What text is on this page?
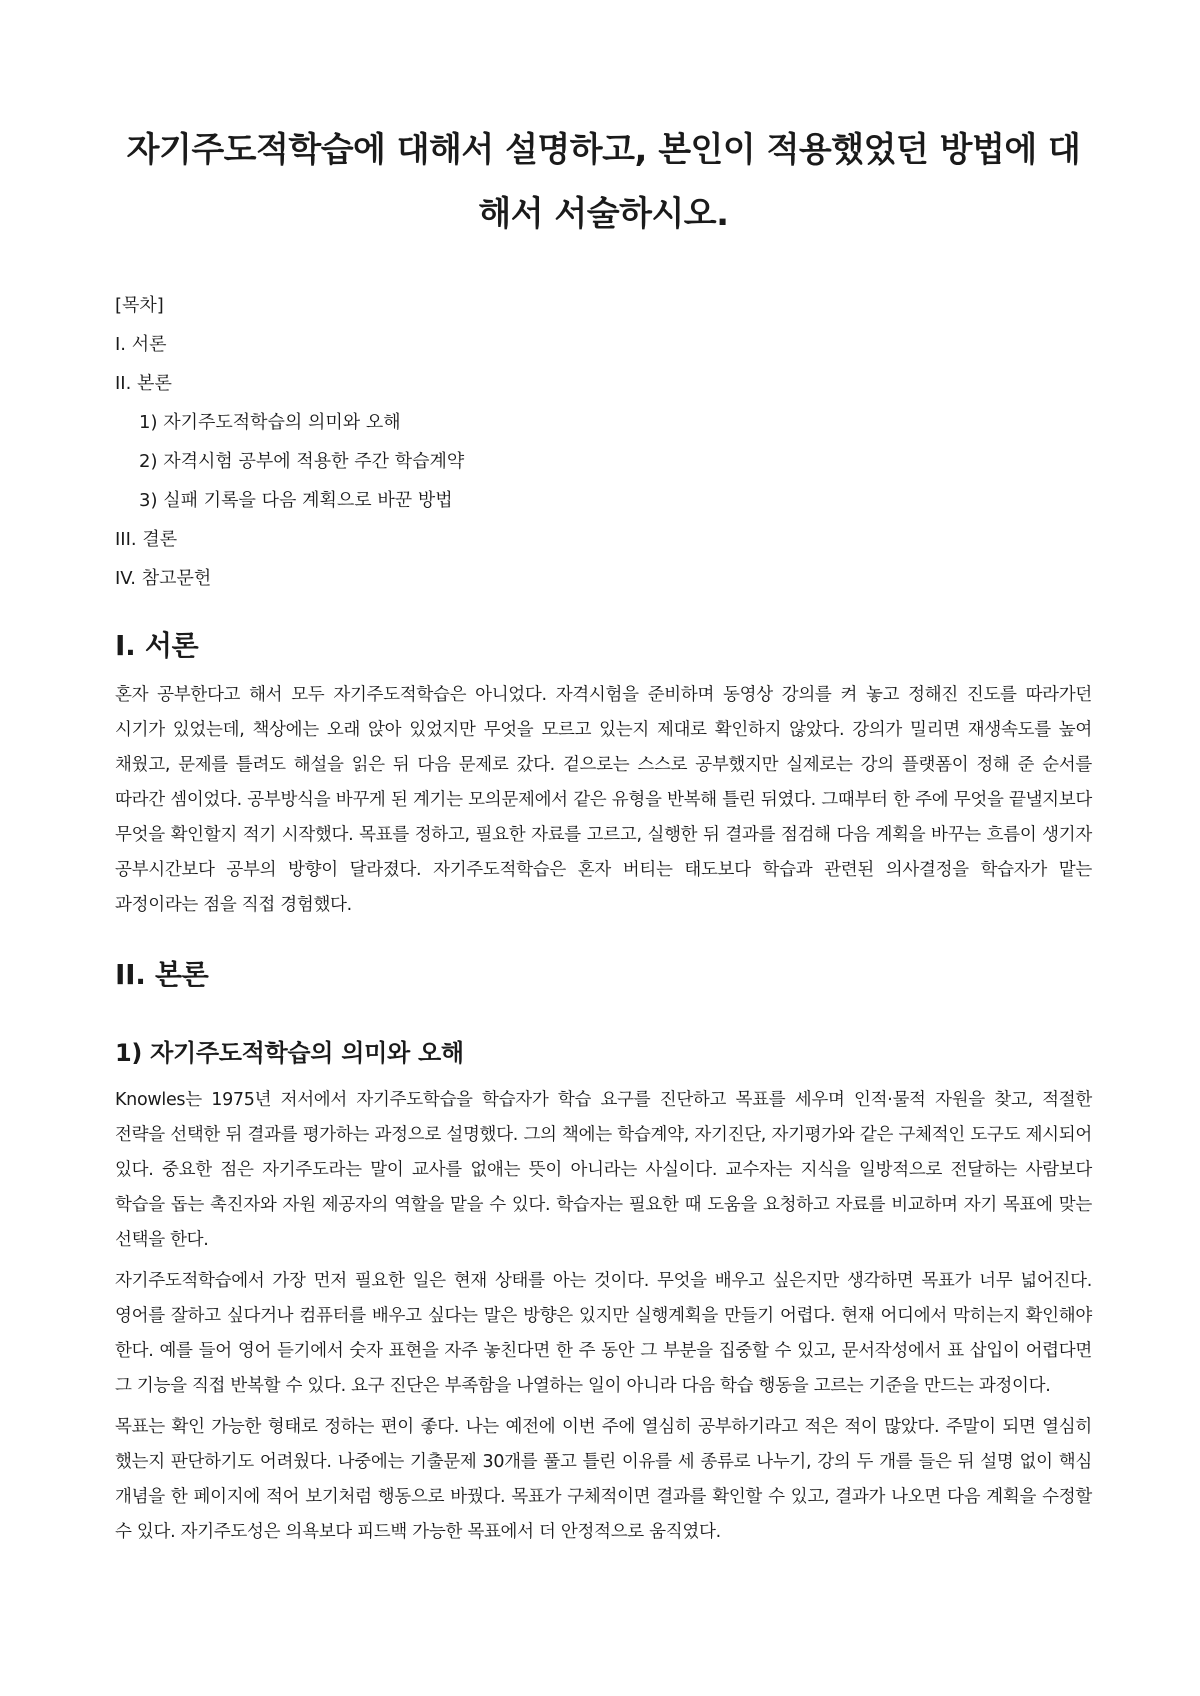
자기주도적학습에 대해서 설명하고, 본인이 적용했었던 방법에 대해서 서술하시오.
[목차]
I. 서론
II. 본론
1) 자기주도적학습의 의미와 오해
2) 자격시험 공부에 적용한 주간 학습계약
3) 실패 기록을 다음 계획으로 바꾼 방법
III. 결론
IV. 참고문헌
I. 서론

혼자 공부한다고 해서 모두 자기주도적학습은 아니었다. 자격시험을 준비하며 동영상 강의를 켜 놓고 정해진 진도를 따라가던 시기가 있었는데, 책상에는 오래 앉아 있었지만 무엇을 모르고 있는지 제대로 확인하지 않았다. 강의가 밀리면 재생속도를 높여 채웠고, 문제를 틀려도 해설을 읽은 뒤 다음 문제로 갔다. 겉으로는 스스로 공부했지만 실제로는 강의 플랫폼이 정해 준 순서를 따라간 셈이었다. 공부방식을 바꾸게 된 계기는 모의문제에서 같은 유형을 반복해 틀린 뒤였다. 그때부터 한 주에 무엇을 끝낼지보다 무엇을 확인할지 적기 시작했다. 목표를 정하고, 필요한 자료를 고르고, 실행한 뒤 결과를 점검해 다음 계획을 바꾸는 흐름이 생기자 공부시간보다 공부의 방향이 달라졌다. 자기주도적학습은 혼자 버티는 태도보다 학습과 관련된 의사결정을 학습자가 맡는 과정이라는 점을 직접 경험했다.

II. 본론
1) 자기주도적학습의 의미와 오해

Knowles는 1975년 저서에서 자기주도학습을 학습자가 학습 요구를 진단하고 목표를 세우며 인적·물적 자원을 찾고, 적절한 전략을 선택한 뒤 결과를 평가하는 과정으로 설명했다. 그의 책에는 학습계약, 자기진단, 자기평가와 같은 구체적인 도구도 제시되어 있다. 중요한 점은 자기주도라는 말이 교사를 없애는 뜻이 아니라는 사실이다. 교수자는 지식을 일방적으로 전달하는 사람보다 학습을 돕는 촉진자와 자원 제공자의 역할을 맡을 수 있다. 학습자는 필요한 때 도움을 요청하고 자료를 비교하며 자기 목표에 맞는 선택을 한다.

자기주도적학습에서 가장 먼저 필요한 일은 현재 상태를 아는 것이다. 무엇을 배우고 싶은지만 생각하면 목표가 너무 넓어진다. 영어를 잘하고 싶다거나 컴퓨터를 배우고 싶다는 말은 방향은 있지만 실행계획을 만들기 어렵다. 현재 어디에서 막히는지 확인해야 한다. 예를 들어 영어 듣기에서 숫자 표현을 자주 놓친다면 한 주 동안 그 부분을 집중할 수 있고, 문서작성에서 표 삽입이 어렵다면 그 기능을 직접 반복할 수 있다. 요구 진단은 부족함을 나열하는 일이 아니라 다음 학습 행동을 고르는 기준을 만드는 과정이다.

목표는 확인 가능한 형태로 정하는 편이 좋다. 나는 예전에 이번 주에 열심히 공부하기라고 적은 적이 많았다. 주말이 되면 열심히 했는지 판단하기도 어려웠다. 나중에는 기출문제 30개를 풀고 틀린 이유를 세 종류로 나누기, 강의 두 개를 들은 뒤 설명 없이 핵심 개념을 한 페이지에 적어 보기처럼 행동으로 바꿨다. 목표가 구체적이면 결과를 확인할 수 있고, 결과가 나오면 다음 계획을 수정할 수 있다. 자기주도성은 의욕보다 피드백 가능한 목표에서 더 안정적으로 움직였다.
